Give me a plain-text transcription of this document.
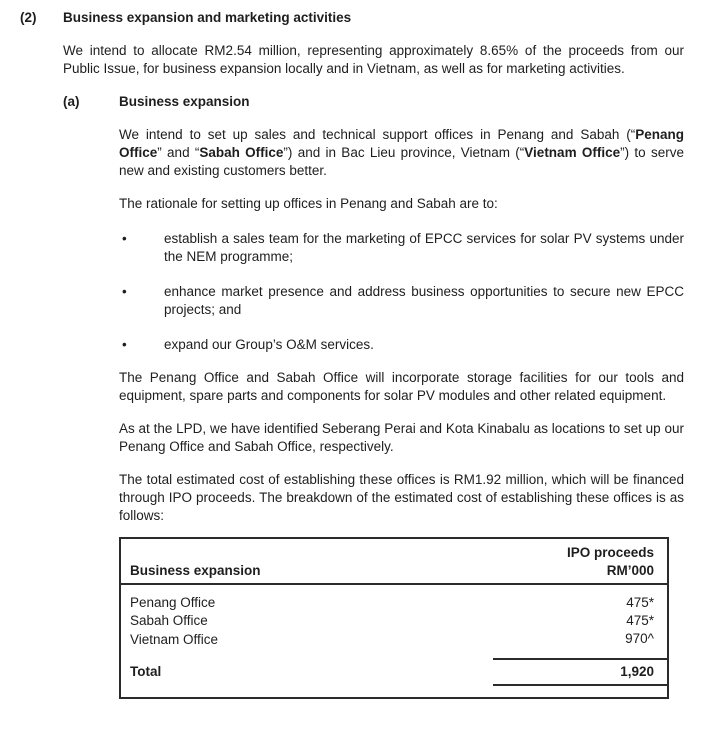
(2)	Business expansion and marketing activities

We intend to allocate RM2.54 million, representing approximately 8.65% of the proceeds from our Public Issue, for business expansion locally and in Vietnam, as well as for marketing activities.

(a)	Business expansion

We intend to set up sales and technical support offices in Penang and Sabah (“Penang Office” and “Sabah Office”) and in Bac Lieu province, Vietnam (“Vietnam Office”) to serve new and existing customers better.

The rationale for setting up offices in Penang and Sabah are to:

•	establish a sales team for the marketing of EPCC services for solar PV systems under the NEM programme;
•	enhance market presence and address business opportunities to secure new EPCC projects; and
•	expand our Group’s O&M services.

The Penang Office and Sabah Office will incorporate storage facilities for our tools and equipment, spare parts and components for solar PV modules and other related equipment.

As at the LPD, we have identified Seberang Perai and Kota Kinabalu as locations to set up our Penang Office and Sabah Office, respectively.

The total estimated cost of establishing these offices is RM1.92 million, which will be financed through IPO proceeds. The breakdown of the estimated cost of establishing these offices is as follows:

Business expansion	IPO proceeds
RM’000

Penang Office	475*
Sabah Office	475*
Vietnam Office	970^
Total	1,920
